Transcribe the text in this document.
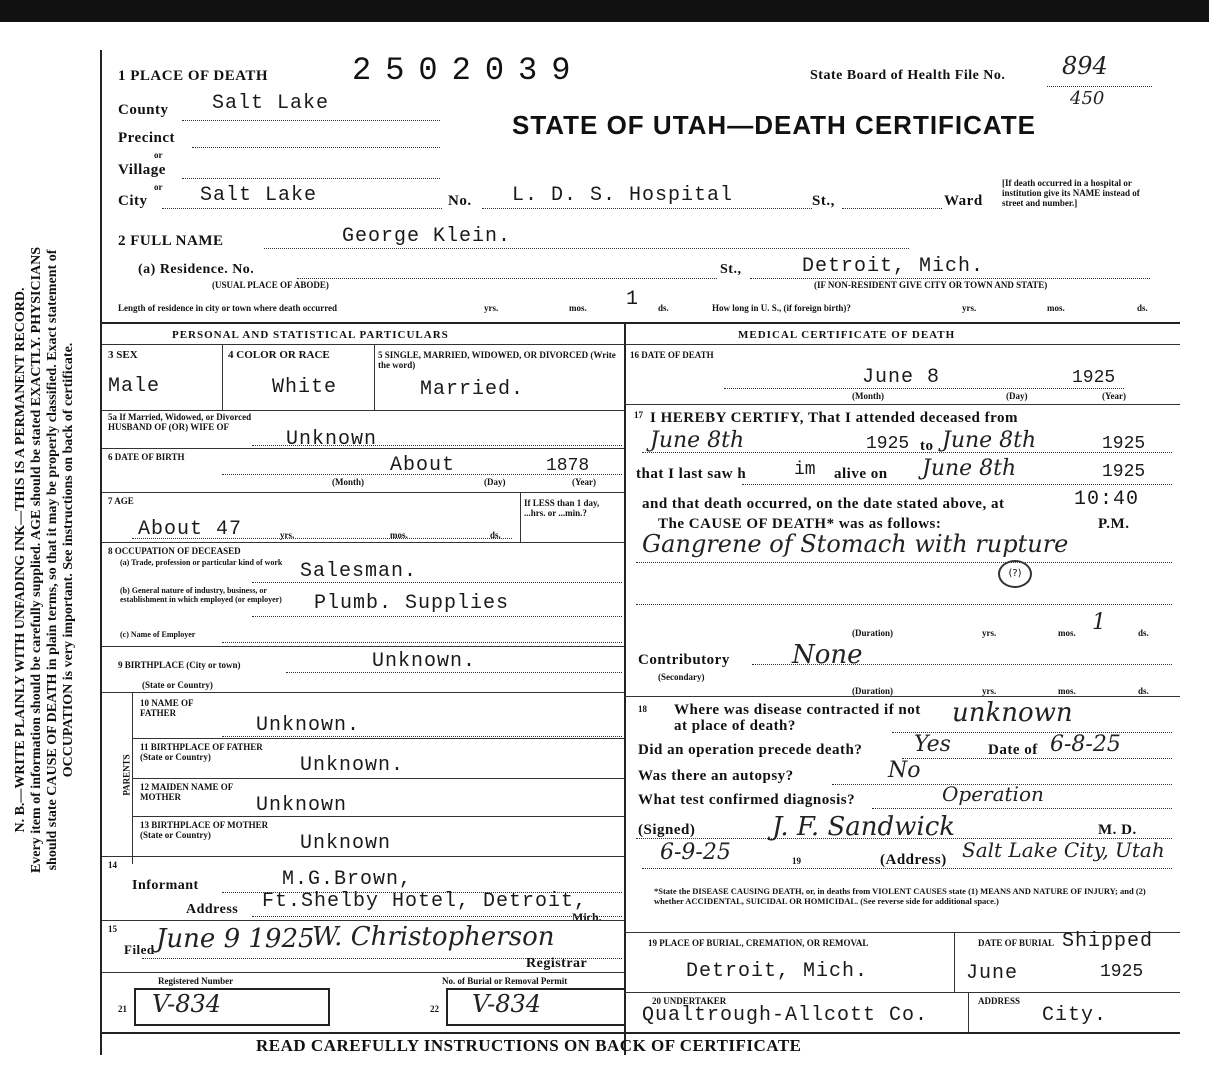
N. B.—WRITE PLAINLY WITH UNFADING INK—THIS IS A PERMANENT RECORD. Every item of information should be carefully supplied. AGE should be stated EXACTLY. PHYSICIANS should state CAUSE OF DEATH in plain terms, so that it may be properly classified. Exact statement of OCCUPATION is very important. See instructions on back of certificate.
1 PLACE OF DEATH	2502039	State Board of Health File No. 894
450
STATE OF UTAH—DEATH CERTIFICATE
County Salt Lake
Precinct
or
Village
or
City	Salt Lake	No. L. D. S. Hospital	St.,	Ward
[If death occurred in a hospital or institution give its NAME instead of street and number.]
2 FULL NAME	George Klein.
(a) Residence. No.
(USUAL PLACE OF ABODE)
St.,	Detroit, Mich.
(IF NON-RESIDENT GIVE CITY OR TOWN AND STATE)
Length of residence in city or town where death occurred	yrs.	mos. 1 ds.	How long in U. S., (if foreign birth)?	yrs.	mos.	ds.
PERSONAL AND STATISTICAL PARTICULARS
3 SEX
Male
4 COLOR OR RACE
White
5 SINGLE, MARRIED, WIDOWED, OR DIVORCED (Write the word)
Married.
5a If Married, Widowed, or Divorced HUSBAND OF (OR) WIFE OF
Unknown
6 DATE OF BIRTH	About	1878
(Month)	(Day)	(Year)
7 AGE
About 47	yrs.	mos.	ds.
If LESS than 1 day, ...hrs. or ...min.?
8 OCCUPATION OF DECEASED
(a) Trade, profession or particular kind of work Salesman.
(b) General nature of industry, business, or establishment in which employed (or employer)	Plumb. Supplies
(c) Name of Employer
9 BIRTHPLACE (City or town)	Unknown.
(State or Country)
PARENTS
10 NAME OF FATHER
Unknown.
11 BIRTHPLACE OF FATHER (State or Country)	Unknown.
12 MAIDEN NAME OF MOTHER	Unknown
13 BIRTHPLACE OF MOTHER (State or Country)	Unknown
14
Informant	M.G.Brown,
Address Ft.Shelby Hotel, Detroit,
Mich.
15
Filed June 9 1925
W. Christopherson
Registrar
Registered Number	No. of Burial or Removal Permit
21 V-834	22 V-834
MEDICAL CERTIFICATE OF DEATH
16 DATE OF DEATH
June 8	1925
(Month)	(Day)	(Year)
17 I HEREBY CERTIFY, That I attended deceased from
June 8th	1925 to June 8th	1925
that I last saw h	im alive on June 8th	1925
and that death occurred, on the date stated above, at	10:40
The CAUSE OF DEATH* was as follows:	P.M.
Gangrene of Stomach with rupture
(?)
(Duration)	yrs.	mos. 1	ds.
Contributory
(Secondary)
None
(Duration)	yrs.	mos.	ds.
18 Where was disease contracted if not at place of death?	unknown
Did an operation precede death? Yes Date of 6-8-25
Was there an autopsy?	No
What test confirmed diagnosis?	Operation
(Signed)	J. F. Sandwick	M. D.
6-9-25	19	(Address) Salt Lake City, Utah
*State the DISEASE CAUSING DEATH, or, in deaths from VIOLENT CAUSES state (1) MEANS AND NATURE OF INJURY; and (2) whether ACCIDENTAL, SUICIDAL OR HOMICIDAL. (See reverse side for additional space.)
19 PLACE OF BURIAL, CREMATION, OR REMOVAL	DATE OF BURIAL Shipped
Detroit, Mich.	June	1925
20 UNDERTAKER
Qualtrough-Allcott Co.
ADDRESS
City.
READ CAREFULLY INSTRUCTIONS ON BACK OF CERTIFICATE
